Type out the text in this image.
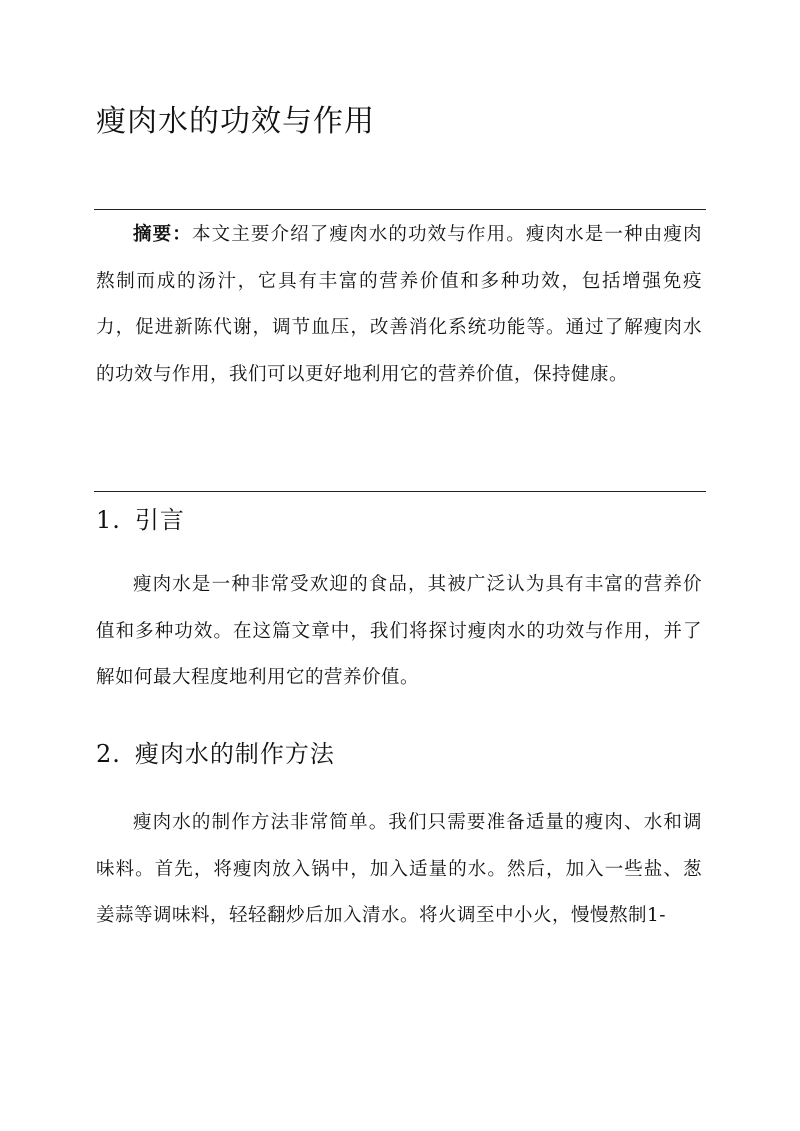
瘦肉水的功效与作用

摘要：本文主要介绍了瘦肉水的功效与作用。瘦肉水是一种由瘦肉熬制而成的汤汁，它具有丰富的营养价值和多种功效，包括增强免疫力，促进新陈代谢，调节血压，改善消化系统功能等。通过了解瘦肉水的功效与作用，我们可以更好地利用它的营养价值，保持健康。

1. 引言

瘦肉水是一种非常受欢迎的食品，其被广泛认为具有丰富的营养价值和多种功效。在这篇文章中，我们将探讨瘦肉水的功效与作用，并了解如何最大程度地利用它的营养价值。

2. 瘦肉水的制作方法

瘦肉水的制作方法非常简单。我们只需要准备适量的瘦肉、水和调味料。首先，将瘦肉放入锅中，加入适量的水。然后，加入一些盐、葱姜蒜等调味料，轻轻翻炒后加入清水。将火调至中小火，慢慢熬制1-
